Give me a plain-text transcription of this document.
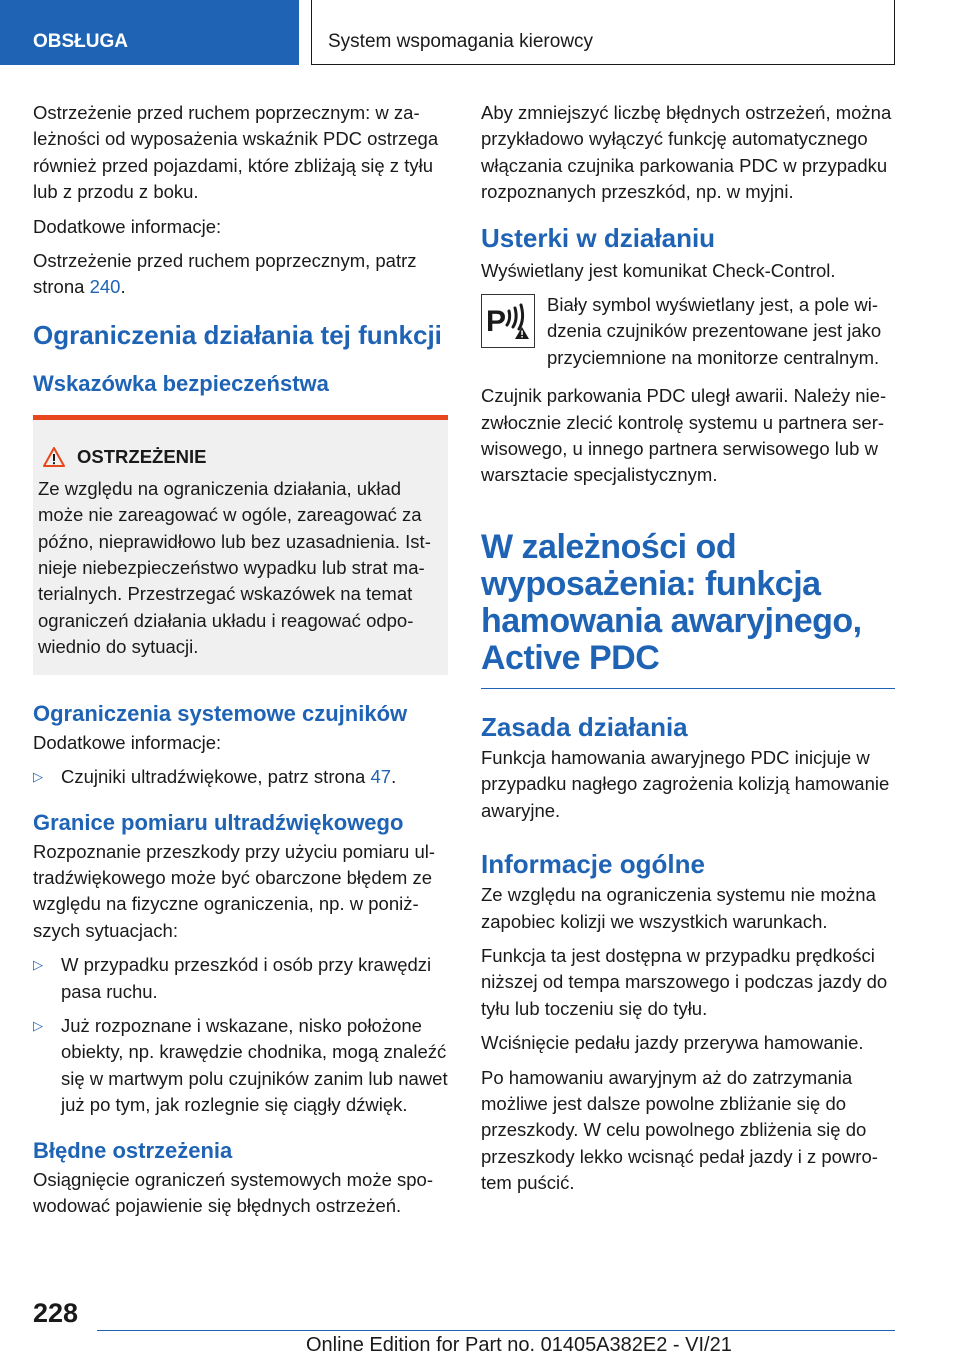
OBSŁUGA	System wspomagania kierowcy

Ostrzeżenie przed ruchem poprzecznym: w zależności od wyposażenia wskaźnik PDC ostrzega również przed pojazdami, które zbliżają się z tyłu lub z przodu z boku.

Dodatkowe informacje:

Ostrzeżenie przed ruchem poprzecznym, patrz strona 240.

Ograniczenia działania tej funkcji
Wskazówka bezpieczeństwa
OSTRZEŻENIE

Ze względu na ograniczenia działania, układ może nie zareagować w ogóle, zareagować za późno, nieprawidłowo lub bez uzasadnienia. Istnieje niebezpieczeństwo wypadku lub strat materialnych. Przestrzegać wskazówek na temat ograniczeń działania układu i reagować odpowiednio do sytuacji.

Ograniczenia systemowe czujników

Dodatkowe informacje:

▷ Czujniki ultradźwiękowe, patrz strona 47.
Granice pomiaru ultradźwiękowego

Rozpoznanie przeszkody przy użyciu pomiaru ultradźwiękowego może być obarczone błędem ze względu na fizyczne ograniczenia, np. w poniższych sytuacjach:

▷ W przypadku przeszkód i osób przy krawędzi pasa ruchu.
▷ Już rozpoznane i wskazane, nisko położone obiekty, np. krawędzie chodnika, mogą znaleźć się w martwym polu czujników zanim lub nawet już po tym, jak rozlegnie się ciągły dźwięk.
Błędne ostrzeżenia

Osiągnięcie ograniczeń systemowych może spowodować pojawienie się błędnych ostrzeżeń.

Aby zmniejszyć liczbę błędnych ostrzeżeń, można przykładowo wyłączyć funkcję automatycznego włączania czujnika parkowania PDC w przypadku rozpoznanych przeszkód, np. w myjni.

Usterki w działaniu

Wyświetlany jest komunikat Check-Control.

P

Biały symbol wyświetlany jest, a pole widzenia czujników prezentowane jest jako przyciemnione na monitorze centralnym.

Czujnik parkowania PDC uległ awarii. Należy niezwłocznie zlecić kontrolę systemu u partnera serwisowego, u innego partnera serwisowego lub w warsztacie specjalistycznym.

W zależności od
wyposażenia: funkcja
hamowania awaryjnego,
Active PDC
Zasada działania

Funkcja hamowania awaryjnego PDC inicjuje w przypadku nagłego zagrożenia kolizją hamowanie awaryjne.

Informacje ogólne

Ze względu na ograniczenia systemu nie można zapobiec kolizji we wszystkich warunkach.

Funkcja ta jest dostępna w przypadku prędkości niższej od tempa marszowego i podczas jazdy do tyłu lub toczeniu się do tyłu.

Wciśnięcie pedału jazdy przerywa hamowanie.

Po hamowaniu awaryjnym aż do zatrzymania możliwe jest dalsze powolne zbliżanie się do przeszkody. W celu powolnego zbliżenia się do przeszkody lekko wcisnąć pedał jazdy i z powrotem puścić.

228
Online Edition for Part no. 01405A382E2 - VI/21
